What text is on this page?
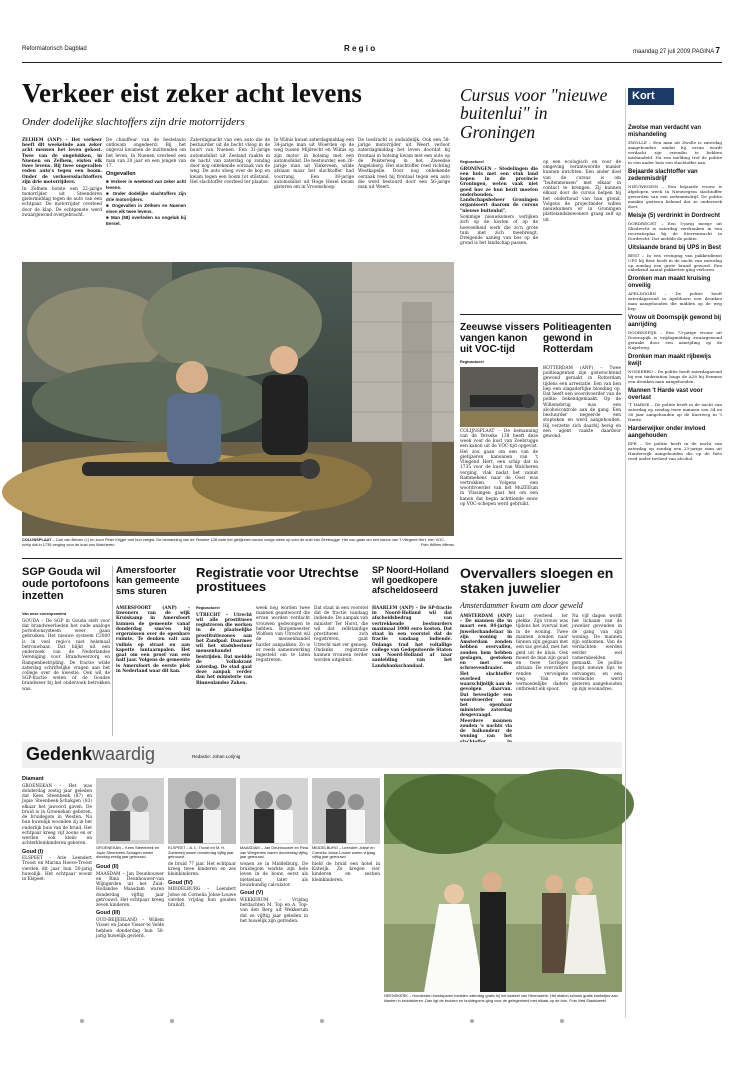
Reformatorisch Dagblad	R e g i o	maandag 27 juli 2009 PAGINA 7
Verkeer eist zeker acht levens
Onder dodelijke slachtoffers zijn drie motorrijders

ZELHEM (ANP) – Het verkeer heeft dit weekeinde aan zeker acht mensen het leven gekost. Twee van de ongelukken, in Nuenen en Zelhem, eisten elk twee levens. Bij twee ongevallen reden auto's tegen een boom. Onder de verkeersslachtoffers zijn drie motorrijders.

In Zelhem botste een 22-jarige motorrijder uit Steenderen gistermiddag tegen de auto van een echtpaar. De motorrijder overleed door de klap. De echtgenote werd zwaargewond overgebracht.

De chauffeur van de bestelauto ontkwam ongedeerd. Bij het ongeval kwamen de inzittenden om het leven. In Nuenen overleed een man van 20 jaar en een jongen van 17.

Ongevallen
■ Verkeer in weekend van zeker acht levens.
■ Onder dodelijke slachtoffers zijn drie motorrijders.
■ Ongevallen in Zelhem en Nuenen eisen elk twee levens.
■ Man (58) overleden na ongeluk bij Eersel.

Zaterdagnacht van een auto die de bestuurder uit de bocht vloog in de buurt van Nuenen. Een 31-jarige automobilist uit Zeeland raakte in de nacht van zaterdag op zondag door nog onbekende oorzaak van de weg. De auto sloeg over de kop en kwam tegen een boom tot stilstand. Het slachtoffer overleed ter plaatse.

In Wilnis kwam zaterdagmiddag een 34-jarige man uit Woerden op de weg tussen Mijdrecht en Wilnis op zijn motor in botsing met een automobilist. De bestuurder, een 26-jarige man uit Vinkeveen, wilde afslaan maar het slachtoffer had voorrang. Een 38-jarige automobilist uit Hoge Hexel kwam gisteren om in Vroomshoop.

De toedracht is onduidelijk. Ook een 58-jarige motorrijder uit Weert verloor zaterdagmiddag het leven doordat hij frontaal in botsing kwam met een auto op de Pelsterweg in het Zweedse Angelsberg. Het slachtoffer reed richting Westkapelle. Door nog onbekende oorzaak reed hij frontaal tegen een auto die werd bestuurd door een 56-jarige man uit Weert.

COLIJNSPLAAT – Carl van Belzen (l.) en zoon Peter Krijger met hun vangst. De bemanning van de Yerseke 138 viste het gietijzeren kanon vorige week op voor de kust van Zeebrugge. Het zou gaan om een kanon van 't Vliegend Hert, een VOC-schip dat in 1735 verging voor de kust van Walcheren.	Foto Willem Mieras
Cursus voor "nieuwe buitenlui" in Groningen
Regioactueel

GRONINGEN – Stedelingen die een huis met een stuk land kopen in de provincie Groningen, weten vaak niet goed hoe ze hun bezit moeten onderhouden. Landschapsbeheer Groningen organiseert daarom de cursus "nieuwe buitenlui".

Sommige nieuwkomers verlijken zich op de kosten of op de hoeveelheid werk die zo'n grote tuin met zich meebrengt. Dreigende aanleg van bos op de grond is het landschap passen.

op een ecologisch en voor de omgeving verantwoorde manier kunnen inrichten. Een ander doel van de cursus is om "buitenmensen" met elkaar in contact te brengen. Zij kunnen elkaar door de cursus helpen bij het onderhoud van hun grond. Volgens de projectleider willen nieuwkomers er in Groningen plattelandsbewoners graag zelf op uit.

Zeeuwse vissers vangen kanon uit VOC-tijd
Regioactueel

COLIJNSPLAAT – De bemanning van de Yerseke 138 heeft deze week voor de kust van Zeebrugge een kanon uit de VOC-tijd opgevist. Het zou gaan om een van de gietijzeren kanonnen van 't Vliegend Hert, een schip dat in 1735 voor de kust van Walcheren verging, vlak nadat het vanuit Rammekens naar de Oost was vertrokken. Volgens een woordvoerder van het MuZEEum in Vlissingen gaat het om een kanon dat begin achttiende eeuw op VOC-schepen werd gebruikt.

Politieagenten gewond in Rotterdam

ROTTERDAM (ANP) – Twee politieagenten zijn gisterochtend gewond geraakt in Rotterdam tijdens een arrestatie. Een van hen liep een slagaderlijke bloeding op. Dat heeft een woordvoerder van de politie bekendgemaakt. Op de Willemsbrug was een alcoholcontrole aan de gang. Een bestuurder negeerde een stopteken en werd aangehouden. Hij verzette zich daarbij hevig en een agent raakte daardoor gewond.

SGP Gouda wil oude portofoons inzetten
Van onze correspondent

GOUDA – De SGP in Gouda stelt voor dat brandweerlieden het oude analoge portofoonsysteem weer gaan gebruiken. Het nieuwe systeem C2000 is in veel regio's niet helemaal betrouwbaar. Dat blijkt uit een onderzoek van de Nederlandse Vereniging voor Brandweerzorg en Rampenbestrijding. De fractie wilde zaterdag schriftelijke vragen aan het college over de kwestie. Ook wil de SGP-fractie weten of de Goudse brandweer bij het onderzoek betrokken was.

Amersfoorter kan gemeente sms sturen

AMERSFOORT (ANP) – Inwoners van de wijk Kruiskamp in Amersfoort kunnen de gemeente vanaf donderdag sms'en bij ergernissen over de openbare ruimte. Te denken valt aan vuilnis op straat en aan kapotte lantaarnpalen. Het gaat om een proef van een half jaar. Volgens de gemeente is Amersfoort de eerste plek in Nederland waar dit kan.

Registratie voor Utrechtse prostituees
Regioactueel

UTRECHT – Utrecht wil alle prostituees registreren die werken in de plaatselijke prostitutiezones aan het Zandpad. Daarmee wil het stadsbestuur mensenhandel bestrijden. Dat meldde de Volkskrant zaterdag. De stad gaat deze aanpak verder dan het ministerie van Binnenlandse Zaken.

week nog worden twee mannen geantwoord die ervan worden verdacht vrouwen gedwongen te hebben. Burgemeester Wolfsen van Utrecht wil de mensenhandel harder aanpakken. Zo is er reeds samenwerking ingesteld om te laten registreren.

Dat staat in een voorstel dat de fractie vandaag indiende. De aanpak van minister Ter Horst, die wil dat zelfstandige prostituees zich registreren, gaat Utrecht niet ver genoeg. Ondanks registratie kunnen vrouwen verder worden uitgebuit.

SP Noord-Holland wil goedkopere afscheldoseerd

HAARLEM (ANP) – De SP-fractie in Noord-Holland wil dat afscheidsbedrag van vertrekkende bestuurders maximaal 1000 euro kosten. Dat staat in een voorstel dat de fractie vandaag indiende. Onlangs trad het voltallige college van Gedeputeerde Staten van Noord-Holland af naar aanleiding van het Landsbankschandaal.

Overvallers sloegen en staken juwelier
Amsterdammer kwam om door geweld

AMSTERDAM (ANP) – De mannen die in maart een 84-jarige juwelierhandelaar in zijn woning in Amsterdam zonden hebben overvallen, zouden hem hebben geslagen, gestoken en met een schroevendraaier. Het slachtoffer overleed waarschijnlijk aan de gevolgen daarvan. Dat bevestigde een woordvoerder van het openbaar ministerie zaterdag desgevraagd. Meerdere mannen zouden 's nachts via de balkondeur de woning van het

laar overleed ter plekke. Zijn vrouw was tijdens het overval niet in de woning. Twee mannen zouden naar binnen zijn gegaan met een tas gevuld, met het geld uit de kluis. Ook moest de man zijn goud en twee horloges afstaan. De overvallers renden vervolgens weg. Van de vermoedelijke daders ontbreekt elk spoor.

Na vijf dagen wordt het lichaam van de juwelier gevonden in de gang van zijn woning. De mannen zijn ontkomen. Van de verdachten werden eerder wel camerabeelden gemaakt. De politie hoopt nieuwe tips te ontvangen, en een verdachte werd gisteren aangehouden op zijn woonadres.

Gedenkwaardig	Redactie: Johan Lorijnig
Diamant

GROENEKAN – Het was donderdag zestig jaar geleden dat Kees Steenbeek (87) en Jopie Steenbeek-Schakgen (83) elkaar het jawoord gaven. De bruid is in Groenekan geboren, de bruidegom in Westen. Na hun huwelijk woonden zij in het ouderlijk huis van de bruid. Het echtpaar kreeg vijf zoons en er werden ook klein- en achterkleinkinderen geboren.

Goud (I)

ELSPEET – Arie Leendert Troost en Marina Hoeve-Troost vierden dit jaar hun 50-jarig huwelijk. Het echtpaar woont in Elspeet.

GROENEKAN – Kees Steenbeek en Jopie Steenbeek-Schagen waren dinsdag zestig jaar getrouwd.
Goud (II)

MAASDAM – Jan Deunhouwer en Rina Deunhouwer-van Wijngerden uit het Zuid-Hollandse Maasdam waren donderdag vijftig jaar getrouwd. Het echtpaar kreeg zeven kinderen.

Goud (III)

OUD-BEIJERLAND – Willem Visser en Janne Visser-te Velde hebben donderdag hun 50-jarig huwelijk gevierd.

ELSPEET – A. L. Troost en M. H. Zoeteweij waren donderdag vijftig jaar getrouwd.

de bruid 77 jaar. Het echtpaar kreeg twee kinderen en zes kleinkinderen.

Goud (IV)

MIDDELBURG – Leendert Jobse en Cornelia Jobse-Louwe vierden vrijdag hun gouden bruiloft.

MAASDAM – Jan Deunhouwer en Rina van Wingerden waren donderdag vijftig jaar getrouwd.

wonen ze in Middelburg. De bruidegom werkte zijn hele leven in de bouw, eerst als metselaar, later als bouwkundig calculator.

Goud (V)

WEKKERUM – Vrijdag herdachten M. Top en A. Top-van den Berg uit Wekkerum dat ze vijftig jaar geleden in het huwelijk zijn getreden.

MIDDELBURG – Leendert Jobse en Cornelia Jobse-Louwe waren vrijdag vijftig jaar getrouwd.

hield de bruid een hotel in Katwijk. Ze kregen vier kinderen en zestien kleinkinderen.

HEENSKERK – Honderden bruidsparen toetsten zaterdag gratis bij het kasteel van Heemskerk. Het station schonk gratis koeketjes aan klanten in bruidskleren. Dan ligt de bruiden en bruidegoms ging voor de gelegenheid met elkaar op de foto. Foto Ned Stadsbeeld
Kort
Zwolse man verdacht van mishandeling

ZWOLLE – Een man uit Zwolle is zaterdag aangehouden omdat hij ervan wordt verdacht zijn vriendin te hebben mishandeld. Na een melding trof de politie in een ander huis een slachtoffer aan.

Bejaarde slachtoffer van zedenmisdrijf

NIEUWEGEIN – Een bejaarde vrouw is afgelopen week in Nieuwegein slachtoffer geworden van een zedenmisdrijf. De politie maakte gisteren bekend dat ze onderzoek doet.

Meisje (5) verdrinkt in Dordrecht

DORDRECHT – Een 5-jarig meisje uit Sliedrecht is zaterdag verdronken in een recreatieplas bij de Sterrenwacht in Dordrecht. Dat meldde de politie.

Uitslaande brand bij UPS in Best

BEST – In een vestiging van pakketdienst UPS bij Best heeft in de nacht van zaterdag op zondag een grote brand gewoed. Een onbekend aantal pakketten ging verloren.

Dronken man maakt kruising onveilig

APELDOORN – De politie heeft zaterdagavond in Apeldoorn een dronken man aangehouden die midden op de weg liep.

Vrouw uit Doornspijk gewond bij aanrijding

DOORNSPIJK – Een 73-jarige vrouw uit Doornspijk is vrijdagmiddag zwaargewond geraakt door een aanrijding op de Nagelweg.

Dronken man maakt rijbewijs kwijt

NOSSEBRO – De politie heeft zaterdagavond bij een tankstation langs de A28 bij Eemnes een dronken man aangehouden.

Mannen 't Harde vast voor overlast

'T HARDE – De politie heeft in de nacht van zaterdag op zondag twee mannen van 34 en 36 jaar aangehouden op de Kuerweg in 't Harde.

Harderwijker onder invloed aangehouden

EPE – De politie heeft in de nacht van zaterdag op zondag een 23-jarige man uit Harderwijk aangehouden die op de fiets reed onder invloed van alcohol.
